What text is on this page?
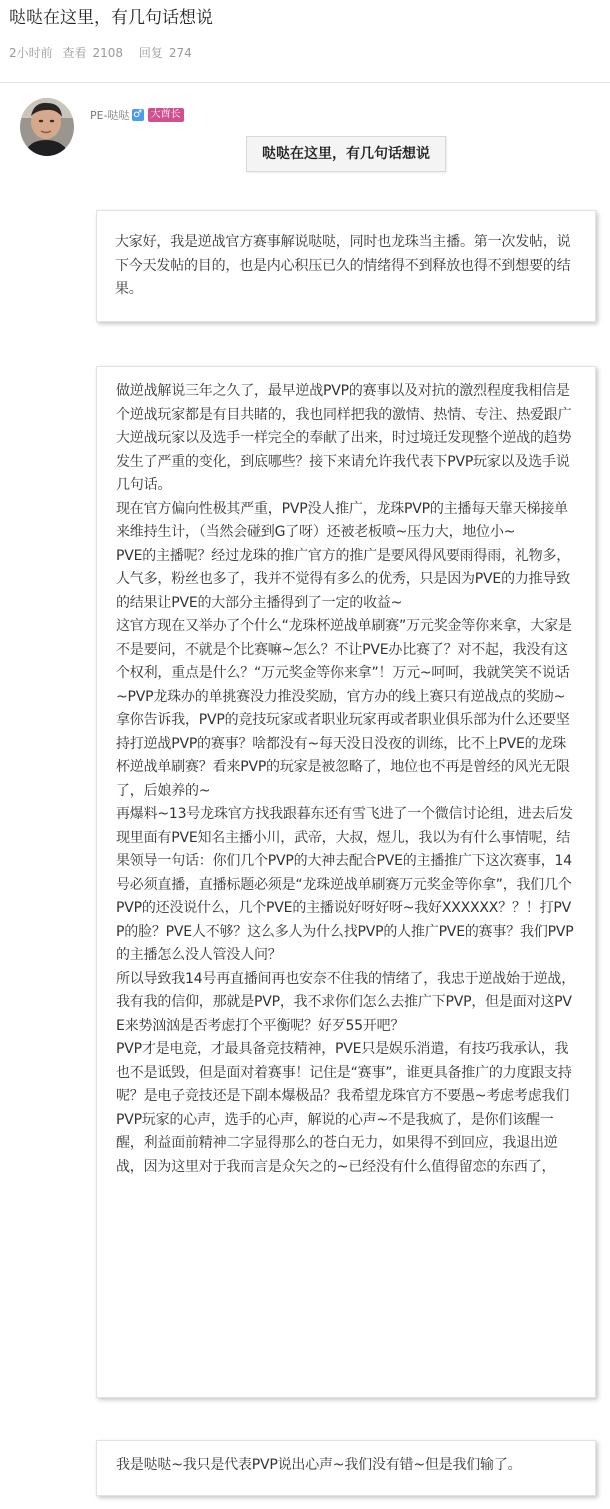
哒哒在这里，有几句话想说
2小时前 查看 2108 回复 274
PE-哒哒 ♂ 大酋长
哒哒在这里，有几句话想说

大家好，我是逆战官方赛事解说哒哒，同时也龙珠当主播。第一次发帖，说下今天发帖的目的，也是内心积压已久的情绪得不到释放也得不到想要的结果。

做逆战解说三年之久了，最早逆战PVP的赛事以及对抗的激烈程度我相信是个逆战玩家都是有目共睹的，我也同样把我的激情、热情、专注、热爱跟广大逆战玩家以及选手一样完全的奉献了出来，时过境迁发现整个逆战的趋势发生了严重的变化，到底哪些？接下来请允许我代表下PVP玩家以及选手说几句话。

现在官方偏向性极其严重，PVP没人推广，龙珠PVP的主播每天靠天梯接单来维持生计，（当然会碰到G了呀）还被老板喷~压力大，地位小~

PVE的主播呢？经过龙珠的推广官方的推广是要风得风要雨得雨，礼物多，人气多，粉丝也多了，我并不觉得有多么的优秀，只是因为PVE的力推导致的结果让PVE的大部分主播得到了一定的收益~

这官方现在又举办了个什么“龙珠杯逆战单刷赛”万元奖金等你来拿，大家是不是要问，不就是个比赛嘛~怎么？不让PVE办比赛了？对不起，我没有这个权利，重点是什么？“万元奖金等你来拿”！万元~呵呵，我就笑笑不说话~PVP龙珠办的单挑赛没力推没奖励，官方办的线上赛只有逆战点的奖励~拿你告诉我，PVP的竞技玩家或者职业玩家再或者职业俱乐部为什么还要坚持打逆战PVP的赛事？啥都没有~每天没日没夜的训练，比不上PVE的龙珠杯逆战单刷赛？看来PVP的玩家是被忽略了，地位也不再是曾经的风光无限了，后娘养的~

再爆料~13号龙珠官方找我跟暮东还有雪飞进了一个微信讨论组，进去后发现里面有PVE知名主播小川，武帝，大叔，煜儿，我以为有什么事情呢，结果领导一句话：你们几个PVP的大神去配合PVE的主播推广下这次赛事，14号必须直播，直播标题必须是“龙珠逆战单刷赛万元奖金等你拿”，我们几个PVP的还没说什么，几个PVE的主播说好呀好呀~我好XXXXXX？？！打PVP的脸？PVE人不够？这么多人为什么找PVP的人推广PVE的赛事？我们PVP的主播怎么没人管没人问？

所以导致我14号再直播间再也安奈不住我的情绪了，我忠于逆战始于逆战，我有我的信仰，那就是PVP，我不求你们怎么去推广下PVP，但是面对这PVE来势汹汹是否考虑打个平衡呢？好歹55开吧？

PVP才是电竞，才最具备竞技精神，PVE只是娱乐消遣，有技巧我承认，我也不是诋毁，但是面对着赛事！记住是“赛事”，谁更具备推广的力度跟支持呢？是电子竞技还是下副本爆极品？我希望龙珠官方不要愚~考虑考虑我们PVP玩家的心声，选手的心声，解说的心声~不是我疯了，是你们该醒一醒，利益面前精神二字显得那么的苍白无力，如果得不到回应，我退出逆战，因为这里对于我而言是众矢之的~已经没有什么值得留恋的东西了，

我是哒哒~我只是代表PVP说出心声~我们没有错~但是我们输了。
